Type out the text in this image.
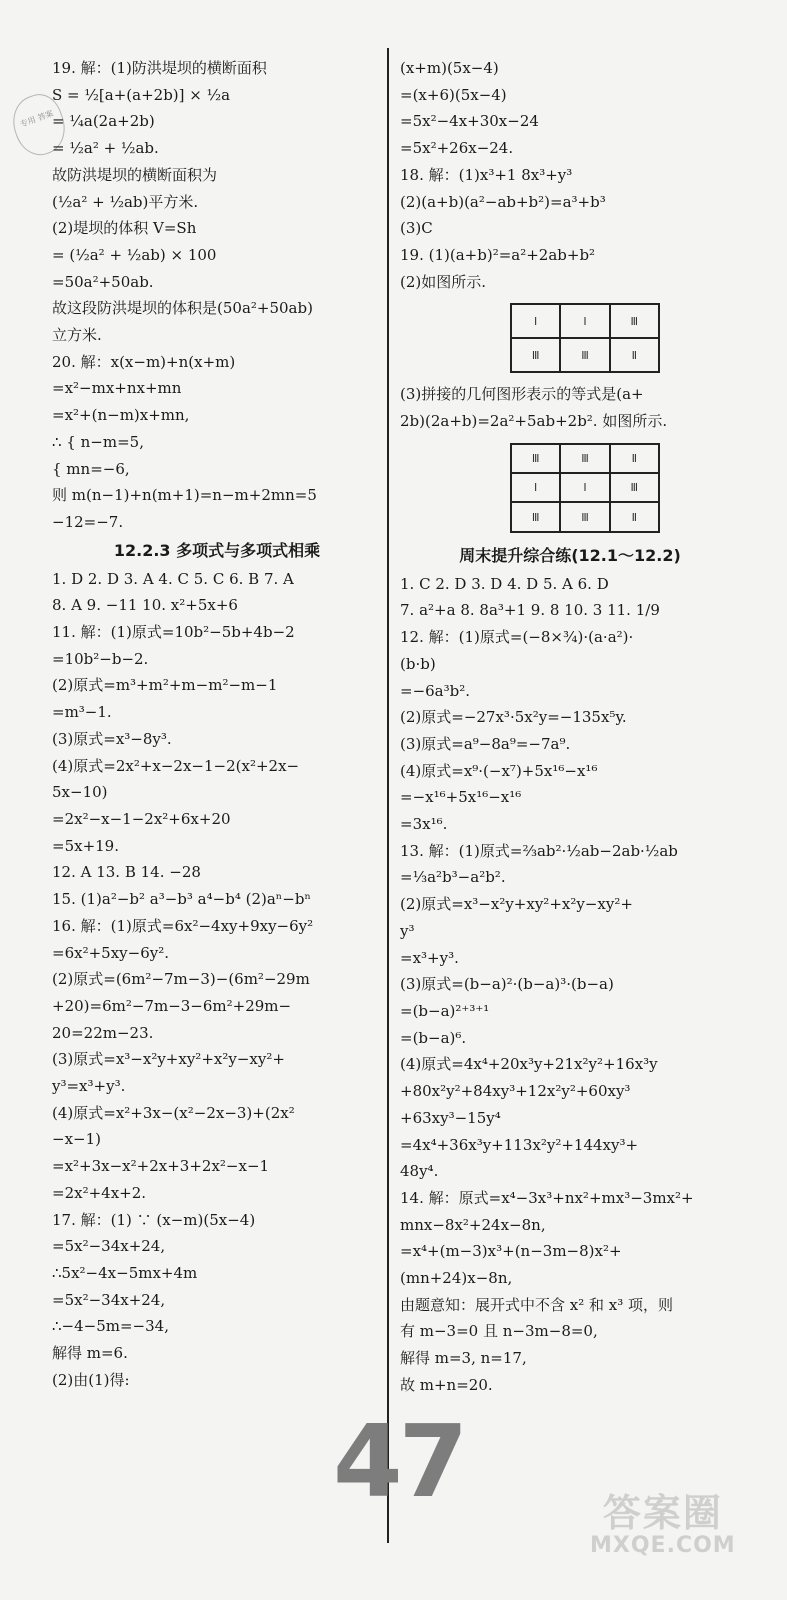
专用 答案
19. 解：(1)防洪堤坝的横断面积
S = ½[a+(a+2b)] × ½a
= ¼a(2a+2b)
= ½a² + ½ab.
故防洪堤坝的横断面积为
(½a² + ½ab)平方米.
(2)堤坝的体积 V=Sh
= (½a² + ½ab) × 100
=50a²+50ab.
故这段防洪堤坝的体积是(50a²+50ab)
立方米.
20. 解：x(x−m)+n(x+m)
=x²−mx+nx+mn
=x²+(n−m)x+mn,
∴ { n−m=5,
{ mn=−6,
则 m(n−1)+n(m+1)=n−m+2mn=5
−12=−7.
12.2.3 多项式与多项式相乘
1. D 2. D 3. A 4. C 5. C 6. B 7. A
8. A 9. −11 10. x²+5x+6
11. 解：(1)原式=10b²−5b+4b−2
=10b²−b−2.
(2)原式=m³+m²+m−m²−m−1
=m³−1.
(3)原式=x³−8y³.
(4)原式=2x²+x−2x−1−2(x²+2x−
5x−10)
=2x²−x−1−2x²+6x+20
=5x+19.
12. A 13. B 14. −28
15. (1)a²−b² a³−b³ a⁴−b⁴ (2)aⁿ−bⁿ
16. 解：(1)原式=6x²−4xy+9xy−6y²
=6x²+5xy−6y².
(2)原式=(6m²−7m−3)−(6m²−29m
+20)=6m²−7m−3−6m²+29m−
20=22m−23.
(3)原式=x³−x²y+xy²+x²y−xy²+
y³=x³+y³.
(4)原式=x²+3x−(x²−2x−3)+(2x²
−x−1)
=x²+3x−x²+2x+3+2x²−x−1
=2x²+4x+2.
17. 解：(1) ∵ (x−m)(5x−4)
=5x²−34x+24,
∴5x²−4x−5mx+4m
=5x²−34x+24,
∴−4−5m=−34,
解得 m=6.
(2)由(1)得:
(x+m)(5x−4)
=(x+6)(5x−4)
=5x²−4x+30x−24
=5x²+26x−24.
18. 解：(1)x³+1 8x³+y³
(2)(a+b)(a²−ab+b²)=a³+b³
(3)C
19. (1)(a+b)²=a²+2ab+b²
(2)如图所示.
Ⅰ	Ⅰ	Ⅲ
Ⅲ	Ⅲ	Ⅱ
(3)拼接的几何图形表示的等式是(a+
2b)(2a+b)=2a²+5ab+2b². 如图所示.
Ⅲ	Ⅲ	Ⅱ
Ⅰ	Ⅰ	Ⅲ
Ⅲ	Ⅲ	Ⅱ
周末提升综合练(12.1～12.2)
1. C 2. D 3. D 4. D 5. A 6. D
7. a²+a 8. 8a³+1 9. 8 10. 3 11. 1/9
12. 解：(1)原式=(−8×¾)·(a·a²)·
(b·b)
=−6a³b².
(2)原式=−27x³·5x²y=−135x⁵y.
(3)原式=a⁹−8a⁹=−7a⁹.
(4)原式=x⁹·(−x⁷)+5x¹⁶−x¹⁶
=−x¹⁶+5x¹⁶−x¹⁶
=3x¹⁶.
13. 解：(1)原式=⅔ab²·½ab−2ab·½ab
=⅓a²b³−a²b².
(2)原式=x³−x²y+xy²+x²y−xy²+
y³
=x³+y³.
(3)原式=(b−a)²·(b−a)³·(b−a)
=(b−a)²⁺³⁺¹
=(b−a)⁶.
(4)原式=4x⁴+20x³y+21x²y²+16x³y
+80x²y²+84xy³+12x²y²+60xy³
+63xy³−15y⁴
=4x⁴+36x³y+113x²y²+144xy³+
48y⁴.
14. 解：原式=x⁴−3x³+nx²+mx³−3mx²+
mnx−8x²+24x−8n,
=x⁴+(m−3)x³+(n−3m−8)x²+
(mn+24)x−8n,
由题意知：展开式中不含 x² 和 x³ 项，则
有 m−3=0 且 n−3m−8=0,
解得 m=3, n=17,
故 m+n=20.
47	答案圈
MXQE.COM
